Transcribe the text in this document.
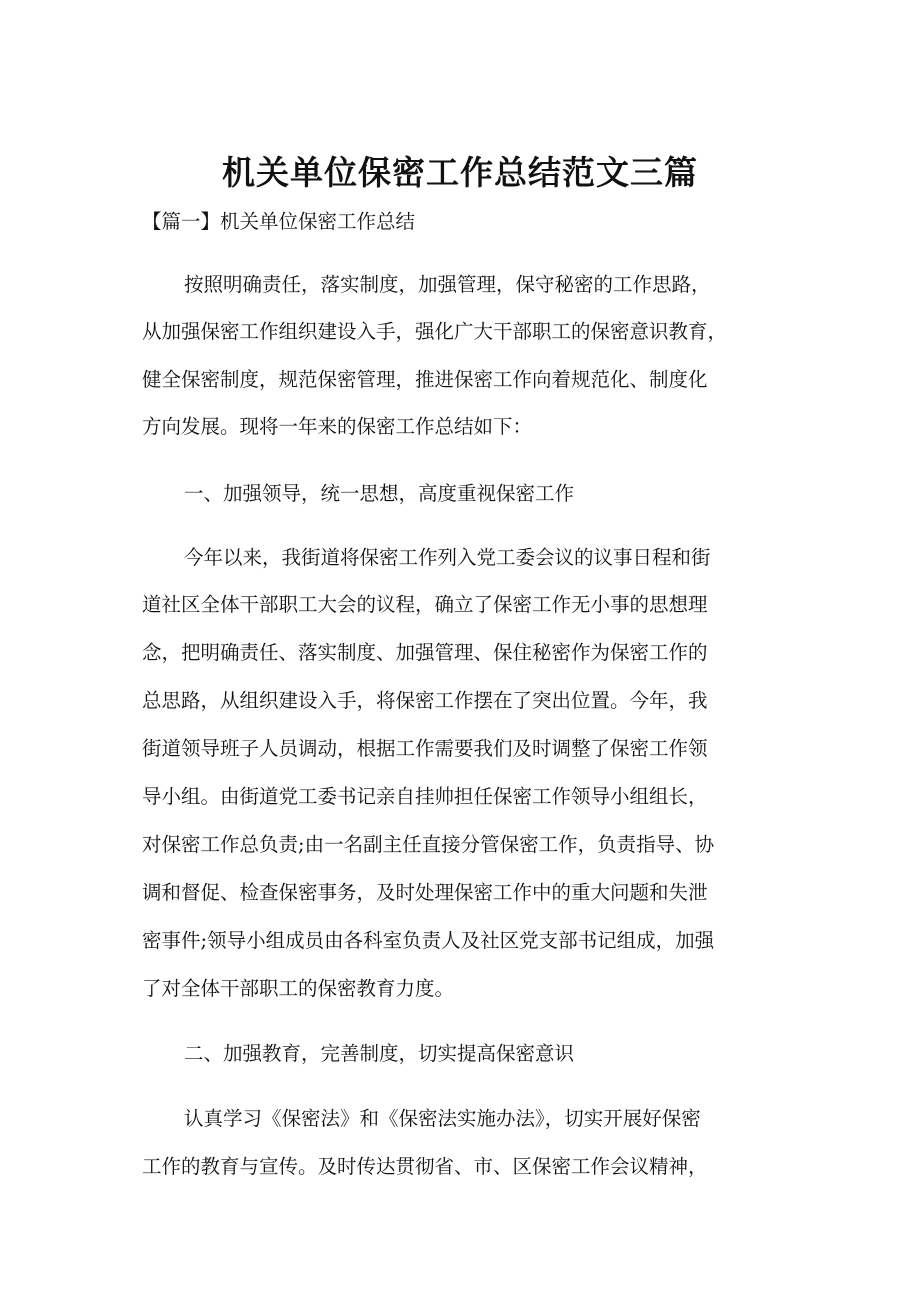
机关单位保密工作总结范文三篇

【篇一】机关单位保密工作总结

按照明确责任，落实制度，加强管理，保守秘密的工作思路，

从加强保密工作组织建设入手，强化广大干部职工的保密意识教育，

健全保密制度，规范保密管理，推进保密工作向着规范化、制度化

方向发展。现将一年来的保密工作总结如下：

一、加强领导，统一思想，高度重视保密工作

今年以来，我街道将保密工作列入党工委会议的议事日程和街

道社区全体干部职工大会的议程，确立了保密工作无小事的思想理

念，把明确责任、落实制度、加强管理、保住秘密作为保密工作的

总思路，从组织建设入手，将保密工作摆在了突出位置。今年，我

街道领导班子人员调动，根据工作需要我们及时调整了保密工作领

导小组。由街道党工委书记亲自挂帅担任保密工作领导小组组长，

对保密工作总负责;由一名副主任直接分管保密工作，负责指导、协

调和督促、检查保密事务，及时处理保密工作中的重大问题和失泄

密事件;领导小组成员由各科室负责人及社区党支部书记组成，加强

了对全体干部职工的保密教育力度。

二、加强教育，完善制度，切实提高保密意识

认真学习《保密法》和《保密法实施办法》，切实开展好保密

工作的教育与宣传。及时传达贯彻省、市、区保密工作会议精神，
